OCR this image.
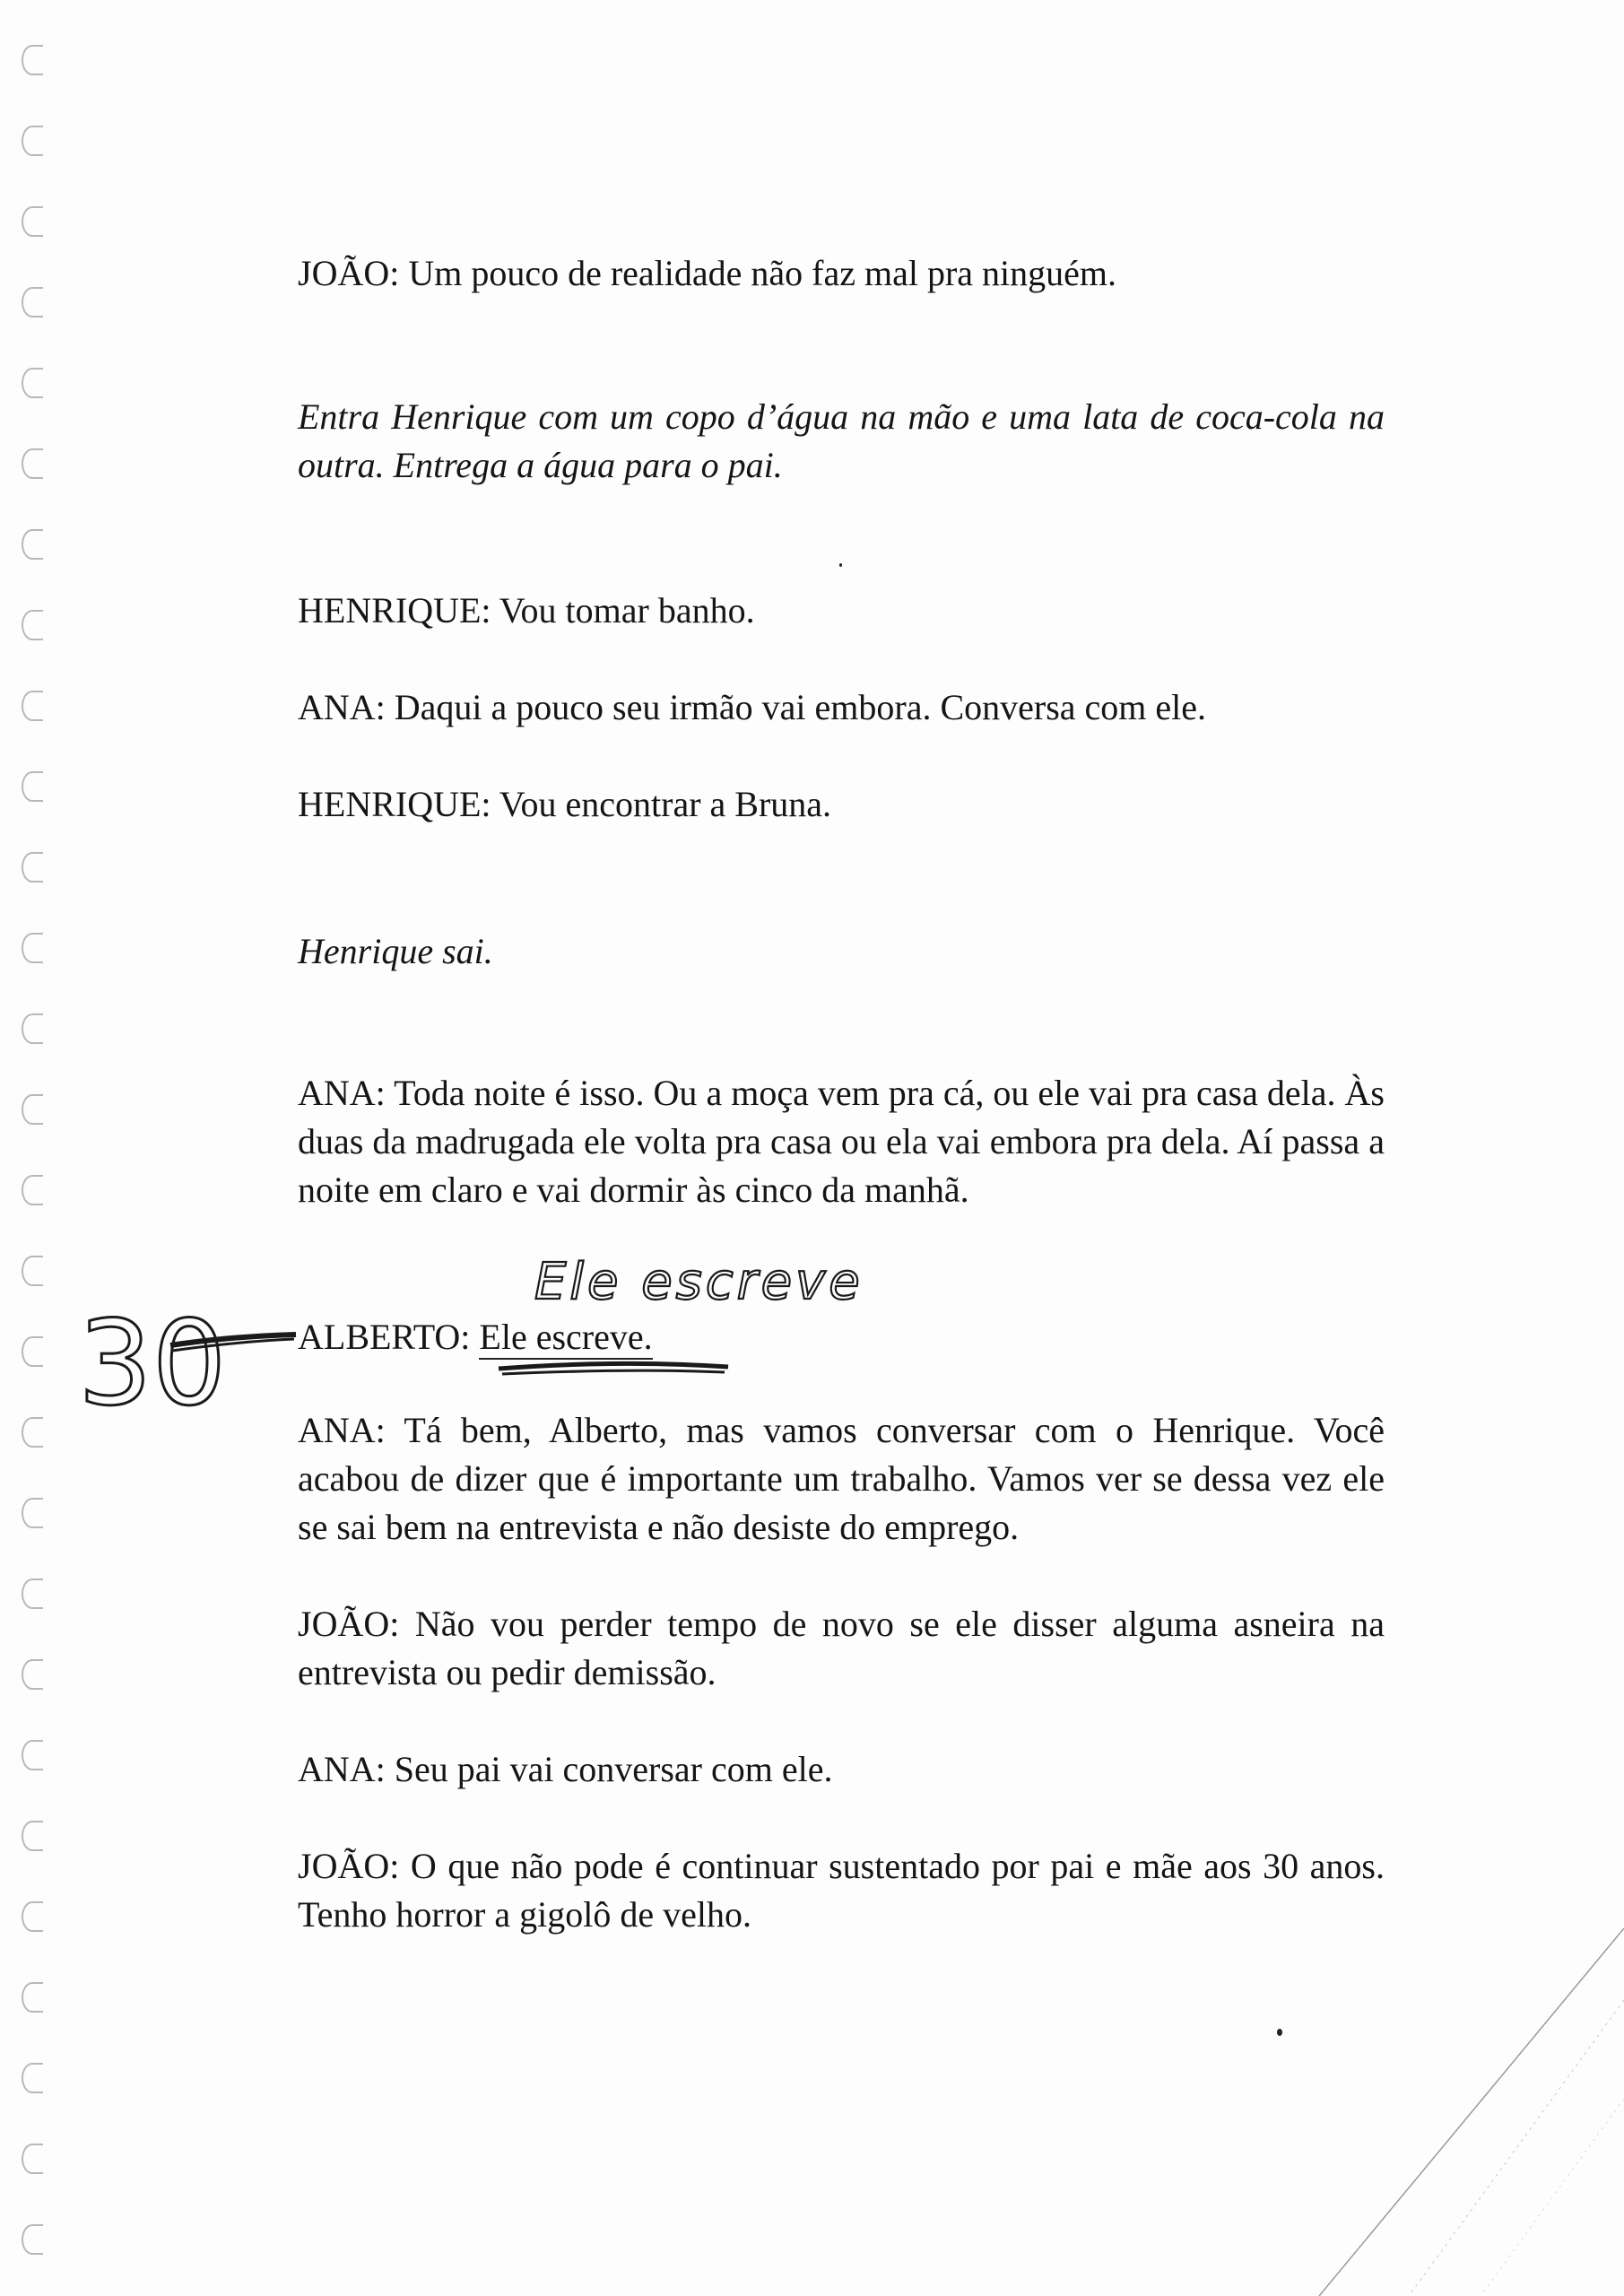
JOÃO: Um pouco de realidade não faz mal pra ninguém.

Entra Henrique com um copo d’água na mão e uma lata de coca-cola na outra. Entrega a água para o pai.

HENRIQUE: Vou tomar banho.

ANA: Daqui a pouco seu irmão vai embora. Conversa com ele.

HENRIQUE: Vou encontrar a Bruna.

Henrique sai.

ANA: Toda noite é isso. Ou a moça vem pra cá, ou ele vai pra casa dela. Às duas da madrugada ele volta pra casa ou ela vai embora pra dela. Aí passa a noite em claro e vai dormir às cinco da manhã.

ALBERTO: Ele escreve.

ANA: Tá bem, Alberto, mas vamos conversar com o Henrique. Você acabou de dizer que é importante um trabalho. Vamos ver se dessa vez ele se sai bem na entrevista e não desiste do emprego.

JOÃO: Não vou perder tempo de novo se ele disser alguma asneira na entrevista ou pedir demissão.

ANA: Seu pai vai conversar com ele.

JOÃO: O que não pode é continuar sustentado por pai e mãe aos 30 anos. Tenho horror a gigolô de velho.

Ele escreve
30
